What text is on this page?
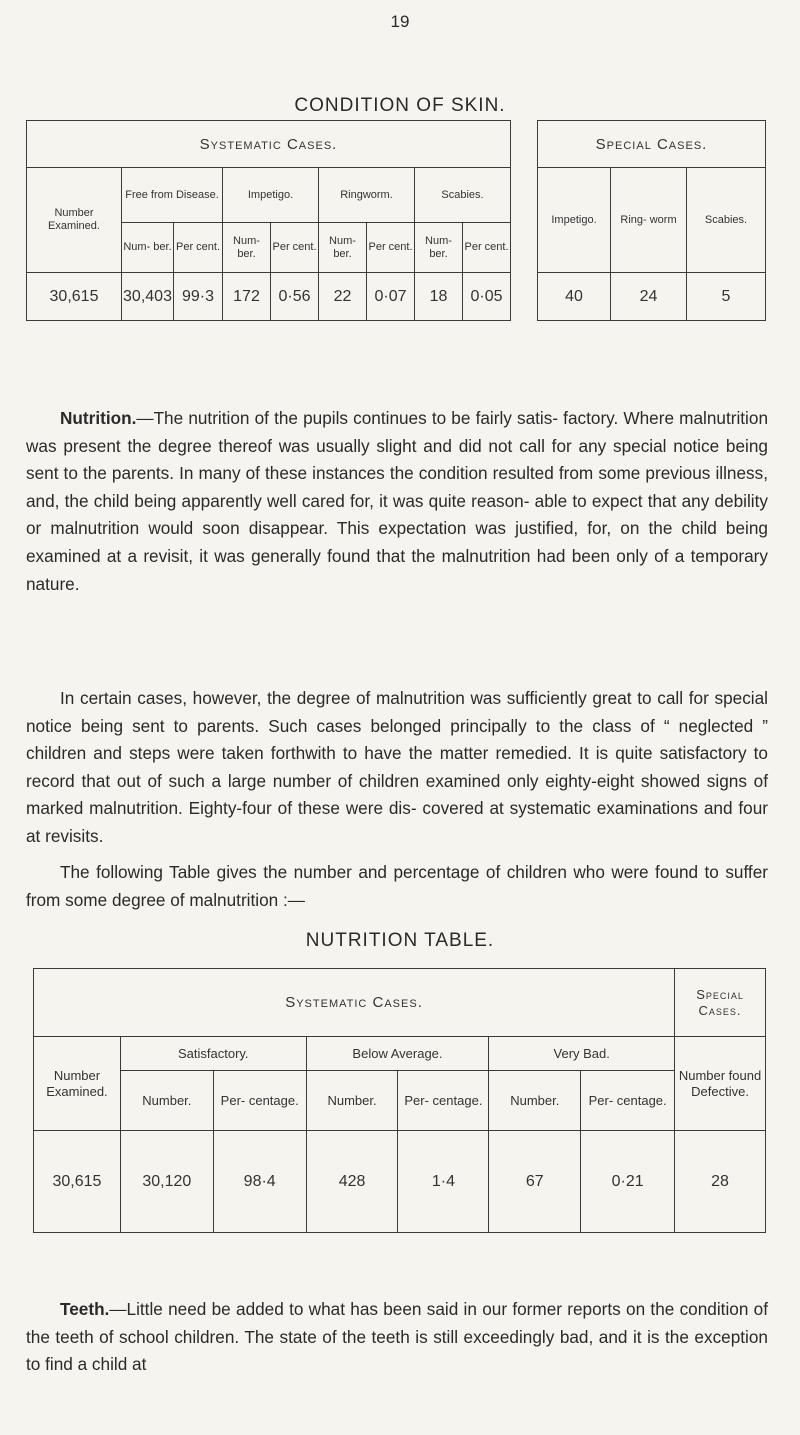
19
CONDITION OF SKIN.
Systematic Cases.										Special Cases.		
Number Examined.	Free from Disease.		Impetigo.		Ringworm.		Scabies.			Impetigo.	Ring- worm	Scabies.
	Num- ber.	Per cent.	Num- ber.	Per cent.	Num- ber.	Per cent.	Num- ber.	Per cent.				
30,615	30,403	99·3	172	0·56	22	0·07	18	0·05		40	24	5

Nutrition.—The nutrition of the pupils continues to be fairly satis- factory. Where malnutrition was present the degree thereof was usually slight and did not call for any special notice being sent to the parents. In many of these instances the condition resulted from some previous illness, and, the child being apparently well cared for, it was quite reason- able to expect that any debility or malnutrition would soon disappear. This expectation was justified, for, on the child being examined at a revisit, it was generally found that the malnutrition had been only of a temporary nature.

In certain cases, however, the degree of malnutrition was sufficiently great to call for special notice being sent to parents. Such cases belonged principally to the class of “ neglected ” children and steps were taken forthwith to have the matter remedied. It is quite satisfactory to record that out of such a large number of children examined only eighty-eight showed signs of marked malnutrition. Eighty-four of these were dis- covered at systematic examinations and four at revisits.

The following Table gives the number and percentage of children who were found to suffer from some degree of malnutrition :—

NUTRITION TABLE.
Systematic Cases.							Special Cases.
Number Examined.	Satisfactory.		Below Average.		Very Bad.		Number found Defective.
	Number.	Per- centage.	Number.	Per- centage.	Number.	Per- centage.	
30,615	30,120	98·4	428	1·4	67	0·21	28

Teeth.—Little need be added to what has been said in our former reports on the condition of the teeth of school children. The state of the teeth is still exceedingly bad, and it is the exception to find a child at
